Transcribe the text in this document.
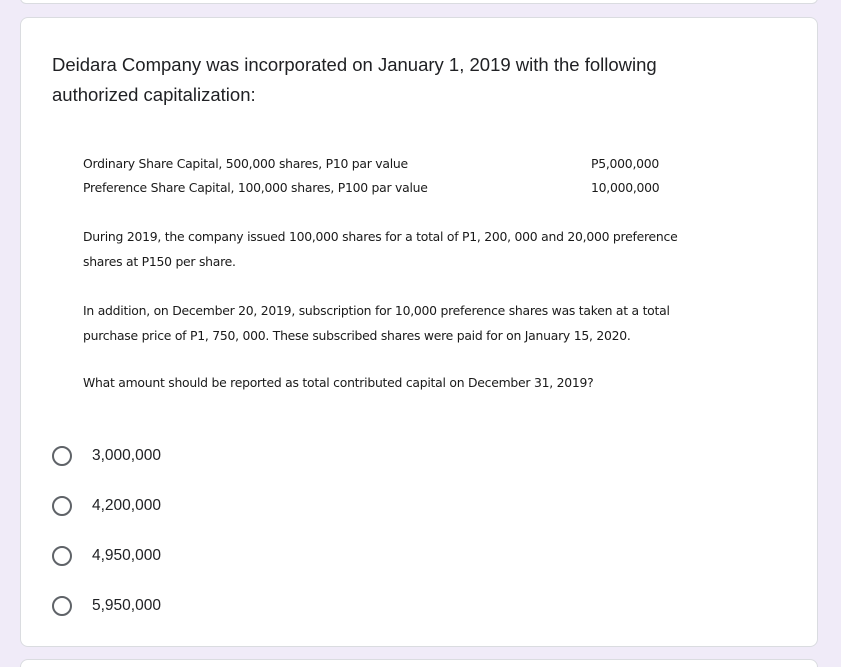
Deidara Company was incorporated on January 1, 2019 with the following
authorized capitalization:
Ordinary Share Capital, 500,000 shares, P10 par value	P5,000,000
Preference Share Capital, 100,000 shares, P100 par value	10,000,000

During 2019, the company issued 100,000 shares for a total of P1, 200, 000 and 20,000 preference
shares at P150 per share.

In addition, on December 20, 2019, subscription for 10,000 preference shares was taken at a total
purchase price of P1, 750, 000. These subscribed shares were paid for on January 15, 2020.

What amount should be reported as total contributed capital on December 31, 2019?

3,000,000
4,200,000
4,950,000
5,950,000
